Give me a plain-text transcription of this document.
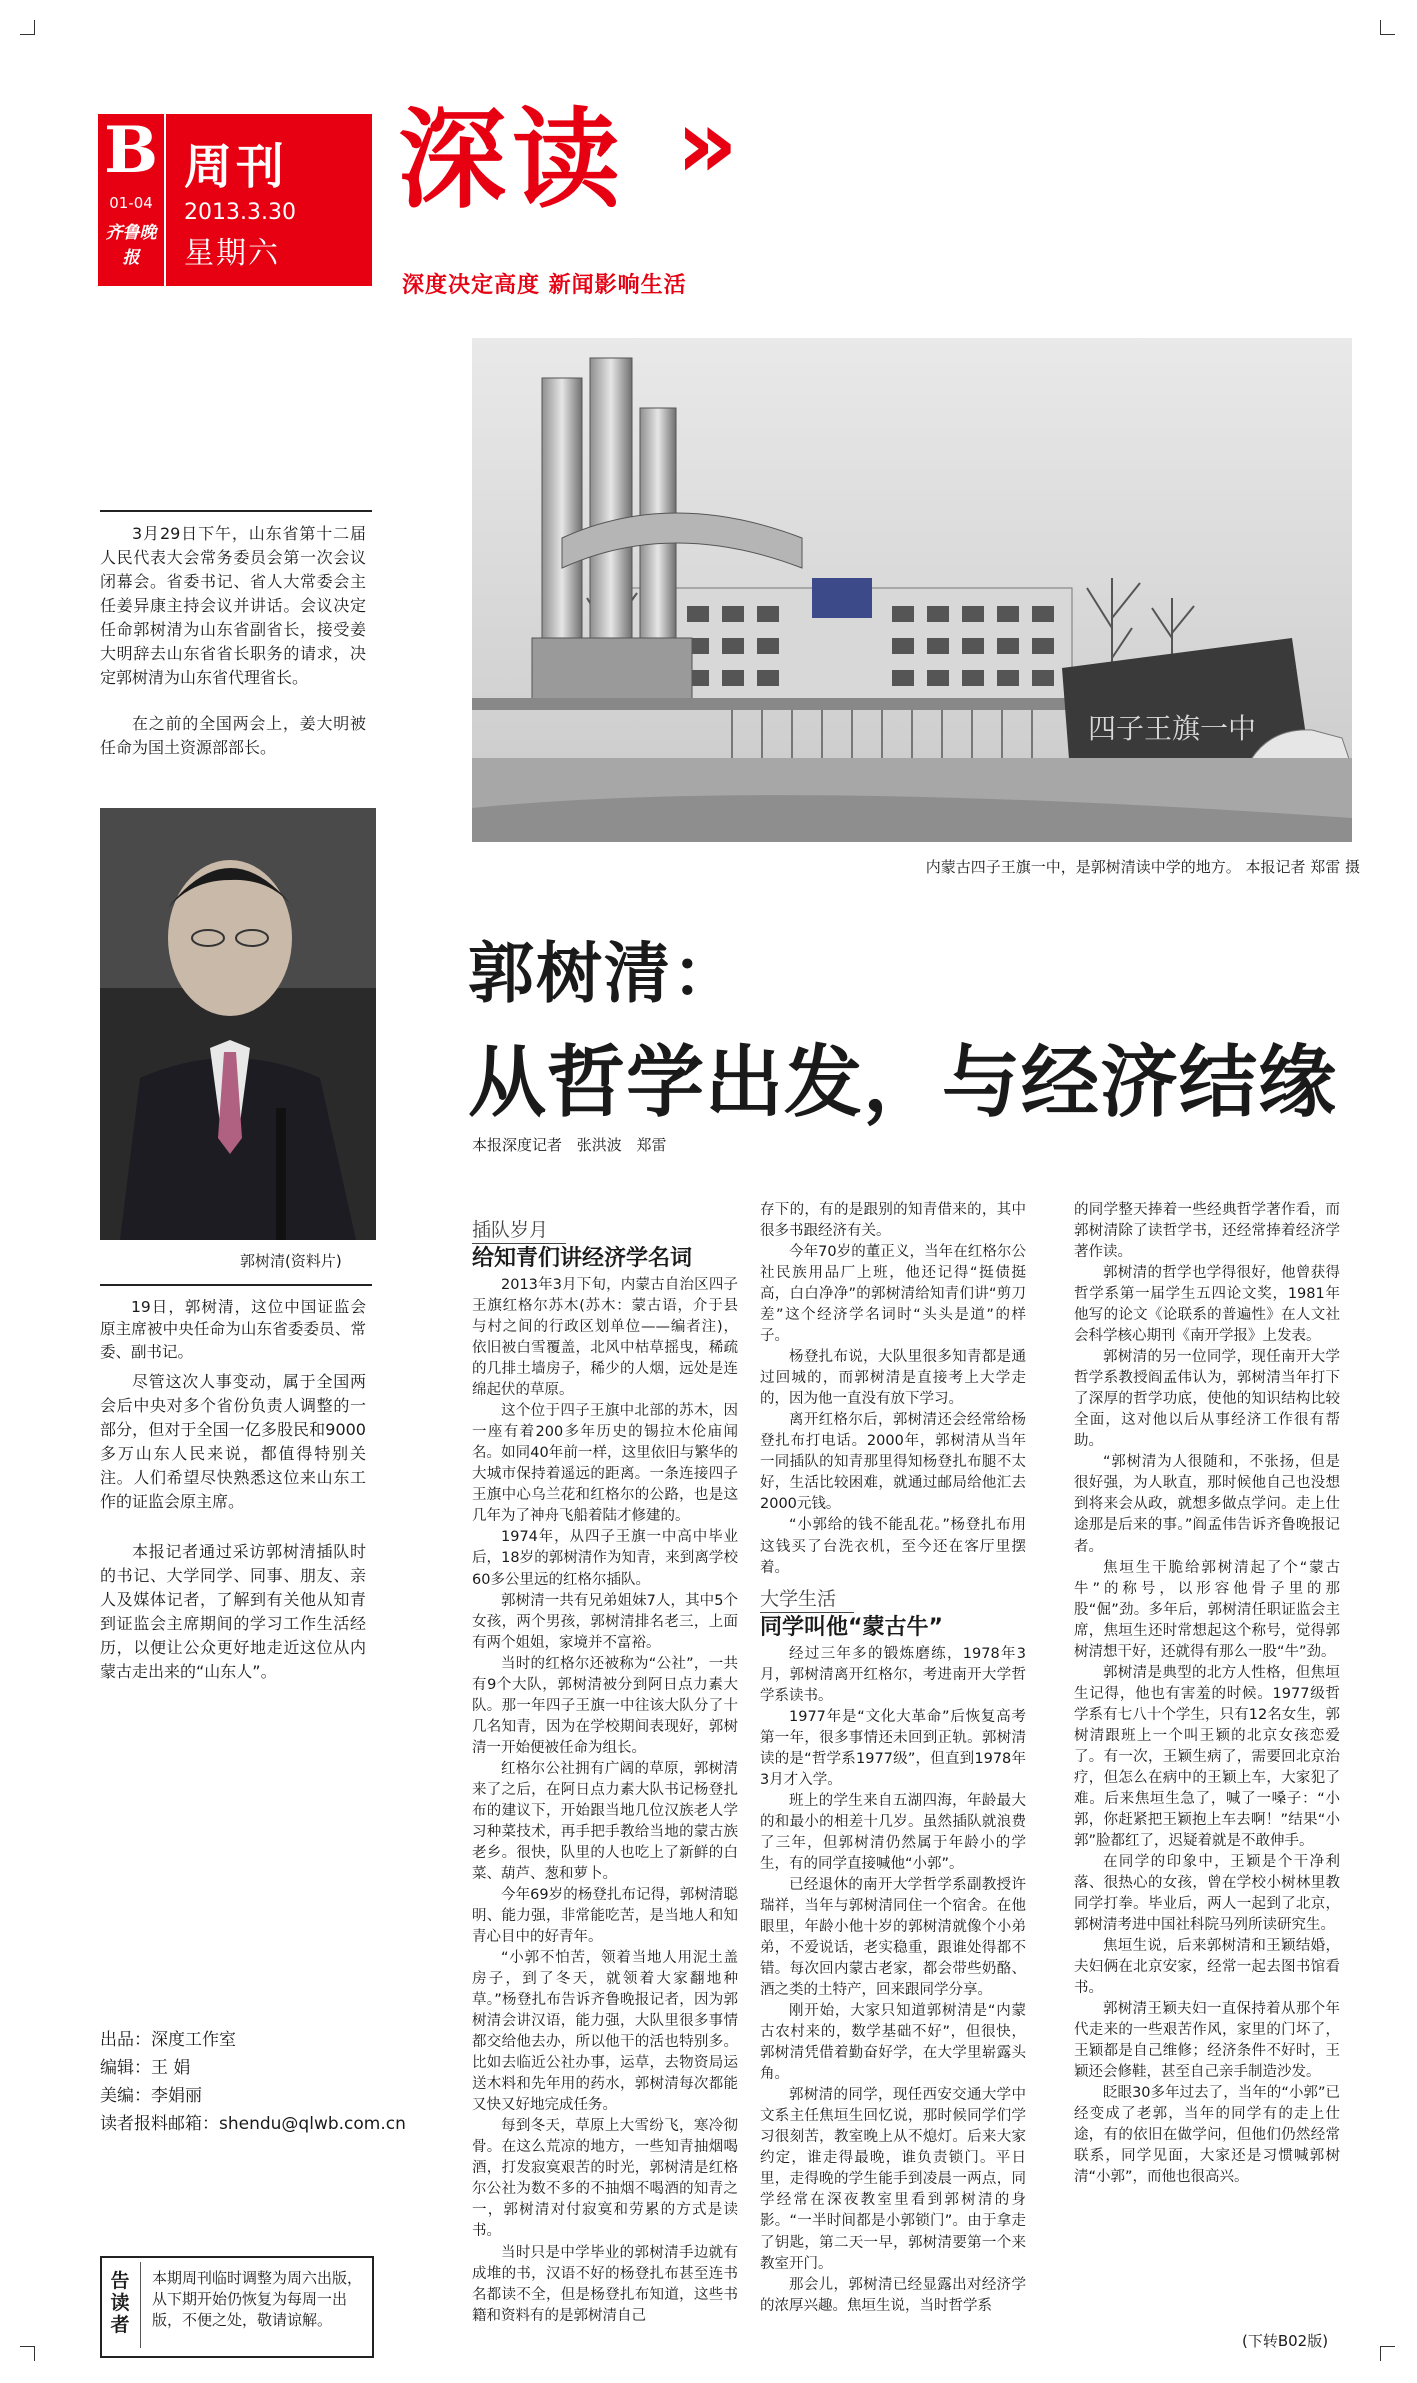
B
01-04
齐鲁晚报
周刊
2013.3.30
星期六
深读 »
深度决定高度 新闻影响生活
四子王旗一中
内蒙古四子王旗一中，是郭树清读中学的地方。 本报记者 郑雷 摄
郭树清：
从哲学出发，与经济结缘
本报深度记者 张洪波 郑雷

3月29日下午，山东省第十二届人民代表大会常务委员会第一次会议闭幕会。省委书记、省人大常委会主任姜异康主持会议并讲话。会议决定任命郭树清为山东省副省长，接受姜大明辞去山东省省长职务的请求，决定郭树清为山东省代理省长。

在之前的全国两会上，姜大明被任命为国土资源部部长。

郭树清(资料片)

19日，郭树清，这位中国证监会原主席被中央任命为山东省委委员、常委、副书记。

尽管这次人事变动，属于全国两会后中央对多个省份负责人调整的一部分，但对于全国一亿多股民和9000多万山东人民来说，都值得特别关注。人们希望尽快熟悉这位来山东工作的证监会原主席。

本报记者通过采访郭树清插队时的书记、大学同学、同事、朋友、亲人及媒体记者，了解到有关他从知青到证监会主席期间的学习工作生活经历，以便让公众更好地走近这位从内蒙古走出来的“山东人”。

出品：深度工作室
编辑：王 娟
美编：李娟丽
读者报料邮箱：shendu@qlwb.com.cn
告读者
本期周刊临时调整为周六出版，从下期开始仍恢复为每周一出版，不便之处，敬请谅解。
插队岁月
给知青们讲经济学名词

2013年3月下旬，内蒙古自治区四子王旗红格尔苏木(苏木：蒙古语，介于县与村之间的行政区划单位——编者注)，依旧被白雪覆盖，北风中枯草摇曳，稀疏的几排土墙房子，稀少的人烟，远处是连绵起伏的草原。

这个位于四子王旗中北部的苏木，因一座有着200多年历史的锡拉木伦庙闻名。如同40年前一样，这里依旧与繁华的大城市保持着遥远的距离。一条连接四子王旗中心乌兰花和红格尔的公路，也是这几年为了神舟飞船着陆才修建的。

1974年，从四子王旗一中高中毕业后，18岁的郭树清作为知青，来到离学校60多公里远的红格尔插队。

郭树清一共有兄弟姐妹7人，其中5个女孩，两个男孩，郭树清排名老三，上面有两个姐姐，家境并不富裕。

当时的红格尔还被称为“公社”，一共有9个大队，郭树清被分到阿日点力素大队。那一年四子王旗一中往该大队分了十几名知青，因为在学校期间表现好，郭树清一开始便被任命为组长。

红格尔公社拥有广阔的草原，郭树清来了之后，在阿日点力素大队书记杨登扎布的建议下，开始跟当地几位汉族老人学习种菜技术，再手把手教给当地的蒙古族老乡。很快，队里的人也吃上了新鲜的白菜、葫芦、葱和萝卜。

今年69岁的杨登扎布记得，郭树清聪明、能力强，非常能吃苦，是当地人和知青心目中的好青年。

“小郭不怕苦，领着当地人用泥土盖房子，到了冬天，就领着大家翻地种草。”杨登扎布告诉齐鲁晚报记者，因为郭树清会讲汉语，能力强，大队里很多事情都交给他去办，所以他干的活也特别多。比如去临近公社办事，运草，去物资局运送木料和先年用的药水，郭树清每次都能又快又好地完成任务。

每到冬天，草原上大雪纷飞，寒冷彻骨。在这么荒凉的地方，一些知青抽烟喝酒，打发寂寞艰苦的时光，郭树清是红格尔公社为数不多的不抽烟不喝酒的知青之一，郭树清对付寂寞和劳累的方式是读书。

当时只是中学毕业的郭树清手边就有成堆的书，汉语不好的杨登扎布甚至连书名都读不全，但是杨登扎布知道，这些书籍和资料有的是郭树清自己

存下的，有的是跟别的知青借来的，其中很多书跟经济有关。

今年70岁的董正义，当年在红格尔公社民族用品厂上班，他还记得“挺债挺高，白白净净”的郭树清给知青们讲“剪刀差”这个经济学名词时“头头是道”的样子。

杨登扎布说，大队里很多知青都是通过回城的，而郭树清是直接考上大学走的，因为他一直没有放下学习。

离开红格尔后，郭树清还会经常给杨登扎布打电话。2000年，郭树清从当年一同插队的知青那里得知杨登扎布腿不太好，生活比较困难，就通过邮局给他汇去2000元钱。

“小郭给的钱不能乱花。”杨登扎布用这钱买了台洗衣机，至今还在客厅里摆着。

大学生活
同学叫他“蒙古牛”

经过三年多的锻炼磨练，1978年3月，郭树清离开红格尔，考进南开大学哲学系读书。

1977年是“文化大革命”后恢复高考第一年，很多事情还未回到正轨。郭树清读的是“哲学系1977级”，但直到1978年3月才入学。

班上的学生来自五湖四海，年龄最大的和最小的相差十几岁。虽然插队就浪费了三年，但郭树清仍然属于年龄小的学生，有的同学直接喊他“小郭”。

已经退休的南开大学哲学系副教授许瑞祥，当年与郭树清同住一个宿舍。在他眼里，年龄小他十岁的郭树清就像个小弟弟，不爱说话，老实稳重，跟谁处得都不错。每次回内蒙古老家，都会带些奶酪、酒之类的土特产，回来跟同学分享。

刚开始，大家只知道郭树清是“内蒙古农村来的，数学基础不好”，但很快，郭树清凭借着勤奋好学，在大学里崭露头角。

郭树清的同学，现任西安交通大学中文系主任焦垣生回忆说，那时候同学们学习很刻苦，教室晚上从不熄灯。后来大家约定，谁走得最晚，谁负责锁门。平日里，走得晚的学生能手到凌晨一两点，同学经常在深夜教室里看到郭树清的身影。“一半时间都是小郭锁门”。由于拿走了钥匙，第二天一早，郭树清要第一个来教室开门。

那会儿，郭树清已经显露出对经济学的浓厚兴趣。焦垣生说，当时哲学系

的同学整天捧着一些经典哲学著作看，而郭树清除了读哲学书，还经常捧着经济学著作读。

郭树清的哲学也学得很好，他曾获得哲学系第一届学生五四论文奖，1981年他写的论文《论联系的普遍性》在人文社会科学核心期刊《南开学报》上发表。

郭树清的另一位同学，现任南开大学哲学系教授阎孟伟认为，郭树清当年打下了深厚的哲学功底，使他的知识结构比较全面，这对他以后从事经济工作很有帮助。

“郭树清为人很随和，不张扬，但是很好强，为人耿直，那时候他自己也没想到将来会从政，就想多做点学问。走上仕途那是后来的事。”阎孟伟告诉齐鲁晚报记者。

焦垣生干脆给郭树清起了个“蒙古牛”的称号，以形容他骨子里的那股“倔”劲。多年后，郭树清任职证监会主席，焦垣生还时常想起这个称号，觉得郭树清想干好，还就得有那么一股“牛”劲。

郭树清是典型的北方人性格，但焦垣生记得，他也有害羞的时候。1977级哲学系有七八十个学生，只有12名女生，郭树清跟班上一个叫王颖的北京女孩恋爱了。有一次，王颖生病了，需要回北京治疗，但怎么在病中的王颖上车，大家犯了难。后来焦垣生急了，喊了一嗓子：“小郭，你赶紧把王颖抱上车去啊！”结果“小郭”脸都红了，迟疑着就是不敢伸手。

在同学的印象中，王颖是个干净利落、很热心的女孩，曾在学校小树林里教同学打拳。毕业后，两人一起到了北京，郭树清考进中国社科院马列所读研究生。

焦垣生说，后来郭树清和王颖结婚，夫妇俩在北京安家，经常一起去图书馆看书。

郭树清王颖夫妇一直保持着从那个年代走来的一些艰苦作风，家里的门坏了，王颖都是自己维修；经济条件不好时，王颖还会修鞋，甚至自己亲手制造沙发。

眨眼30多年过去了，当年的“小郭”已经变成了老郭，当年的同学有的走上仕途，有的依旧在做学问，但他们仍然经常联系，同学见面，大家还是习惯喊郭树清“小郭”，而他也很高兴。

(下转B02版)
